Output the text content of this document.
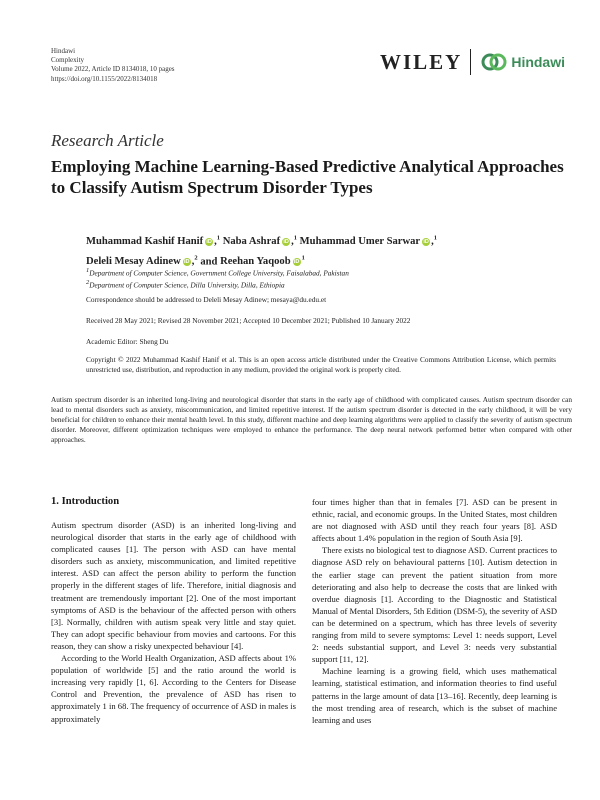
Hindawi
Complexity
Volume 2022, Article ID 8134018, 10 pages
https://doi.org/10.1155/2022/8134018
WILEY	Hindawi
Research Article
Employing Machine Learning-Based Predictive Analytical Approaches to Classify Autism Spectrum Disorder Types
Muhammad Kashif Hanif iD ,$^1$ Naba Ashraf iD ,$^1$ Muhammad Umer Sarwar iD ,$^1$
Deleli Mesay Adinew iD ,$^2$ and Reehan Yaqoob $iD^1$
$^1$Department of Computer Science, Government College University, Faisalabad, Pakistan
$^2$Department of Computer Science, Dilla University, Dilla, Ethiopia
Correspondence should be addressed to Deleli Mesay Adinew; mesaya@du.edu.et
Received 28 May 2021; Revised 28 November 2021; Accepted 10 December 2021; Published 10 January 2022
Academic Editor: Sheng Du
Copyright © 2022 Muhammad Kashif Hanif et al. This is an open access article distributed under the Creative Commons Attribution License, which permits unrestricted use, distribution, and reproduction in any medium, provided the original work is properly cited.
Autism spectrum disorder is an inherited long-living and neurological disorder that starts in the early age of childhood with complicated causes. Autism spectrum disorder can lead to mental disorders such as anxiety, miscommunication, and limited repetitive interest. If the autism spectrum disorder is detected in the early childhood, it will be very beneficial for children to enhance their mental health level. In this study, different machine and deep learning algorithms were applied to classify the severity of autism spectrum disorder. Moreover, different optimization techniques were employed to enhance the performance. The deep neural network performed better when compared with other approaches.
1. Introduction

Autism spectrum disorder (ASD) is an inherited long-living and neurological disorder that starts in the early age of childhood with complicated causes [1]. The person with ASD can have mental disorders such as anxiety, miscommunication, and limited repetitive interest. ASD can affect the person ability to perform the function properly in the different stages of life. Therefore, initial diagnosis and treatment are tremendously important [2]. One of the most important symptoms of ASD is the behaviour of the affected person with others [3]. Normally, children with autism speak very little and stay quiet. They can adopt specific behaviour from movies and cartoons. For this reason, they can show a risky unexpected behaviour [4].

According to the World Health Organization, ASD affects about 1% population of worldwide [5] and the ratio around the world is increasing very rapidly [1, 6]. According to the Centers for Disease Control and Prevention, the prevalence of ASD has risen to approximately 1 in 68. The frequency of occurrence of ASD in males is approximately

four times higher than that in females [7]. ASD can be present in ethnic, racial, and economic groups. In the United States, most children are not diagnosed with ASD until they reach four years [8]. ASD affects about 1.4% population in the region of South Asia [9].

There exists no biological test to diagnose ASD. Current practices to diagnose ASD rely on behavioural patterns [10]. Autism detection in the earlier stage can prevent the patient situation from more deteriorating and also help to decrease the costs that are linked with overdue diagnosis [1]. According to the Diagnostic and Statistical Manual of Mental Disorders, 5th Edition (DSM-5), the severity of ASD can be determined on a spectrum, which has three levels of severity ranging from mild to severe symptoms: Level 1: needs support, Level 2: needs substantial support, and Level 3: needs very substantial support [11, 12].

Machine learning is a growing field, which uses mathematical learning, statistical estimation, and information theories to find useful patterns in the large amount of data [13–16]. Recently, deep learning is the most trending area of research, which is the subset of machine learning and uses
